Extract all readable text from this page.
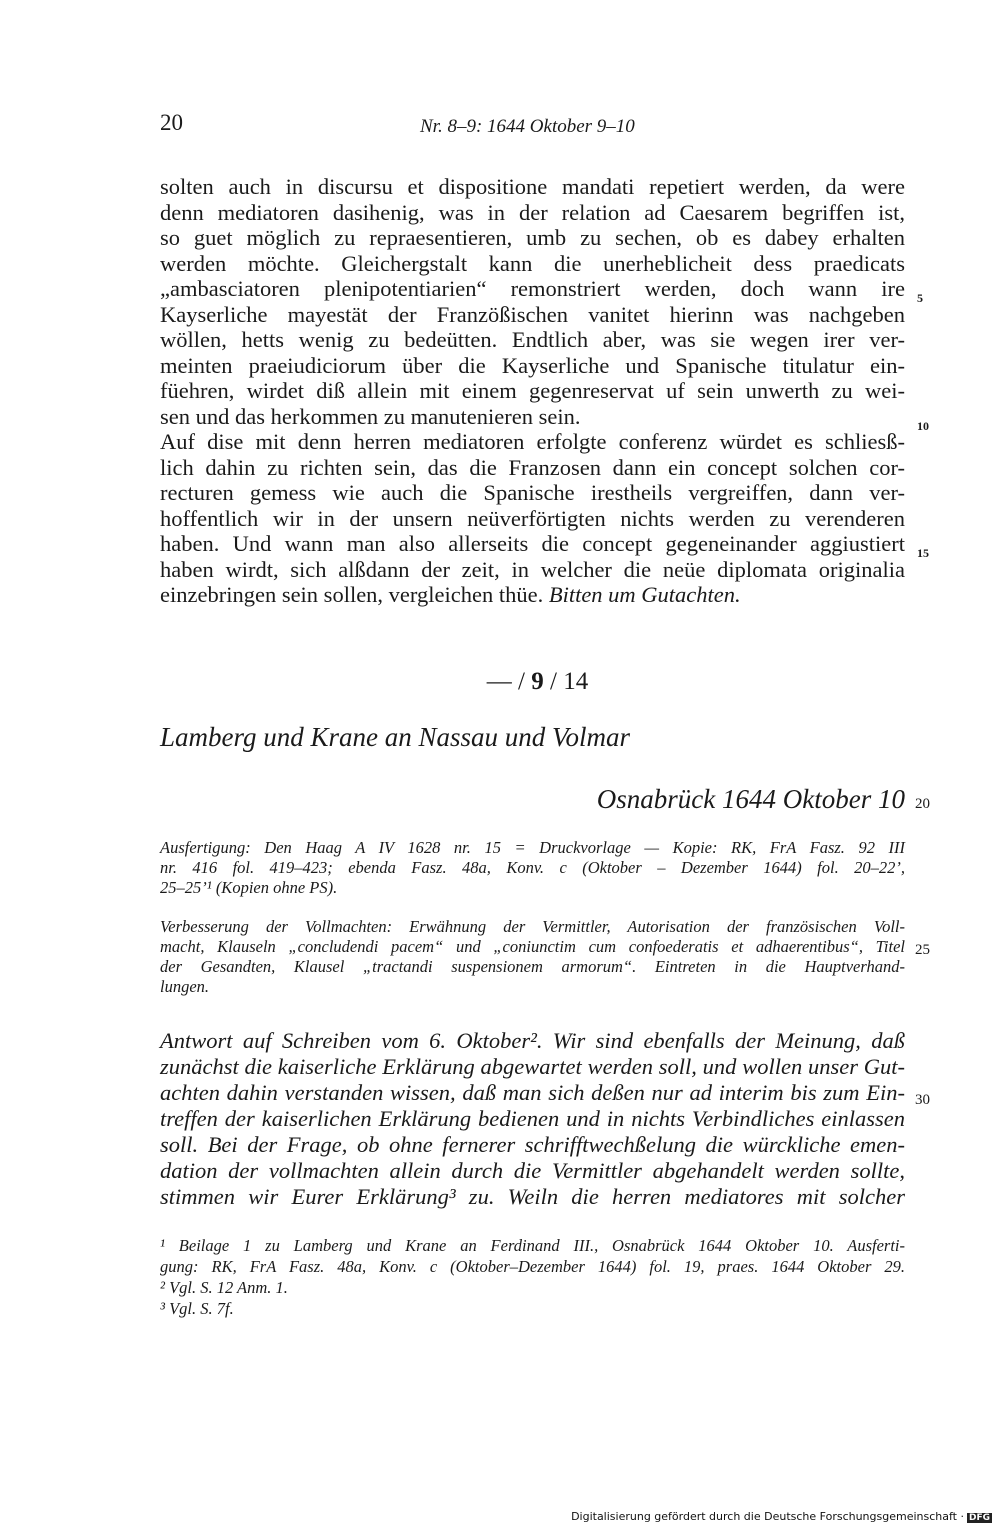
20	Nr. 8–9: 1644 Oktober 9–10
solten auch in discursu et dispositione mandati repetiert werden, da were
denn mediatoren dasihenig, was in der relation ad Caesarem begriffen ist,
so guet möglich zu repraesentieren, umb zu sechen, ob es dabey erhalten
werden möchte. Gleichergstalt kann die unerheblicheit dess praedicats
„ambasciatoren plenipotentiarien“ remonstriert werden, doch wann ire
Kayserliche mayestät der Franzößischen vanitet hierinn was nachgeben
wöllen, hetts wenig zu bedeütten. Endtlich aber, was sie wegen irer ver-
meinten praeiudiciorum über die Kayserliche und Spanische titulatur ein-
füehren, wirdet diß allein mit einem gegenreservat uf sein unwerth zu wei-
sen und das herkommen zu manutenieren sein.
Auf dise mit denn herren mediatoren erfolgte conferenz würdet es schliesß-
lich dahin zu richten sein, das die Franzosen dann ein concept solchen cor-
recturen gemess wie auch die Spanische irestheils vergreiffen, dann ver-
hoffentlich wir in der unsern neüverförtigten nichts werden zu verenderen
haben. Und wann man also allerseits die concept gegeneinander aggiustiert
haben wirdt, sich alßdann der zeit, in welcher die neüe diplomata originalia
einzebringen sein sollen, vergleichen thüe. Bitten um Gutachten.
5
10
15
— / 9 / 14
Lamberg und Krane an Nassau und Volmar
Osnabrück 1644 Oktober 10 20
Ausfertigung: Den Haag A IV 1628 nr. 15 = Druckvorlage — Kopie: RK, FrA Fasz. 92 III
nr. 416 fol. 419–423; ebenda Fasz. 48a, Konv. c (Oktober – Dezember 1644) fol. 20–22’,
25–25’¹ (Kopien ohne PS).
Verbesserung der Vollmachten: Erwähnung der Vermittler, Autorisation der französischen Voll-
macht, Klauseln „concludendi pacem“ und „coniunctim cum confoederatis et adhaerentibus“, Titel
der Gesandten, Klausel „tractandi suspensionem armorum“. Eintreten in die Hauptverhand-
lungen.
25
Antwort auf Schreiben vom 6. Oktober². Wir sind ebenfalls der Meinung, daß
zunächst die kaiserliche Erklärung abgewartet werden soll, und wollen unser Gut-
achten dahin verstanden wissen, daß man sich deßen nur ad interim bis zum Ein-
treffen der kaiserlichen Erklärung bedienen und in nichts Verbindliches einlassen
soll. Bei der Frage, ob ohne fernerer schrifftwechßelung die würckliche emen-
dation der vollmachten allein durch die Vermittler abgehandelt werden sollte,
stimmen wir Eurer Erklärung³ zu. Weiln die herren mediatores mit solcher
30
¹ Beilage 1 zu Lamberg und Krane an Ferdinand III., Osnabrück 1644 Oktober 10. Ausferti-
gung: RK, FrA Fasz. 48a, Konv. c (Oktober–Dezember 1644) fol. 19, praes. 1644 Oktober 29.
² Vgl. S. 12 Anm. 1.
³ Vgl. S. 7f.
Digitalisierung gefördert durch die Deutsche Forschungsgemeinschaft · DFG
